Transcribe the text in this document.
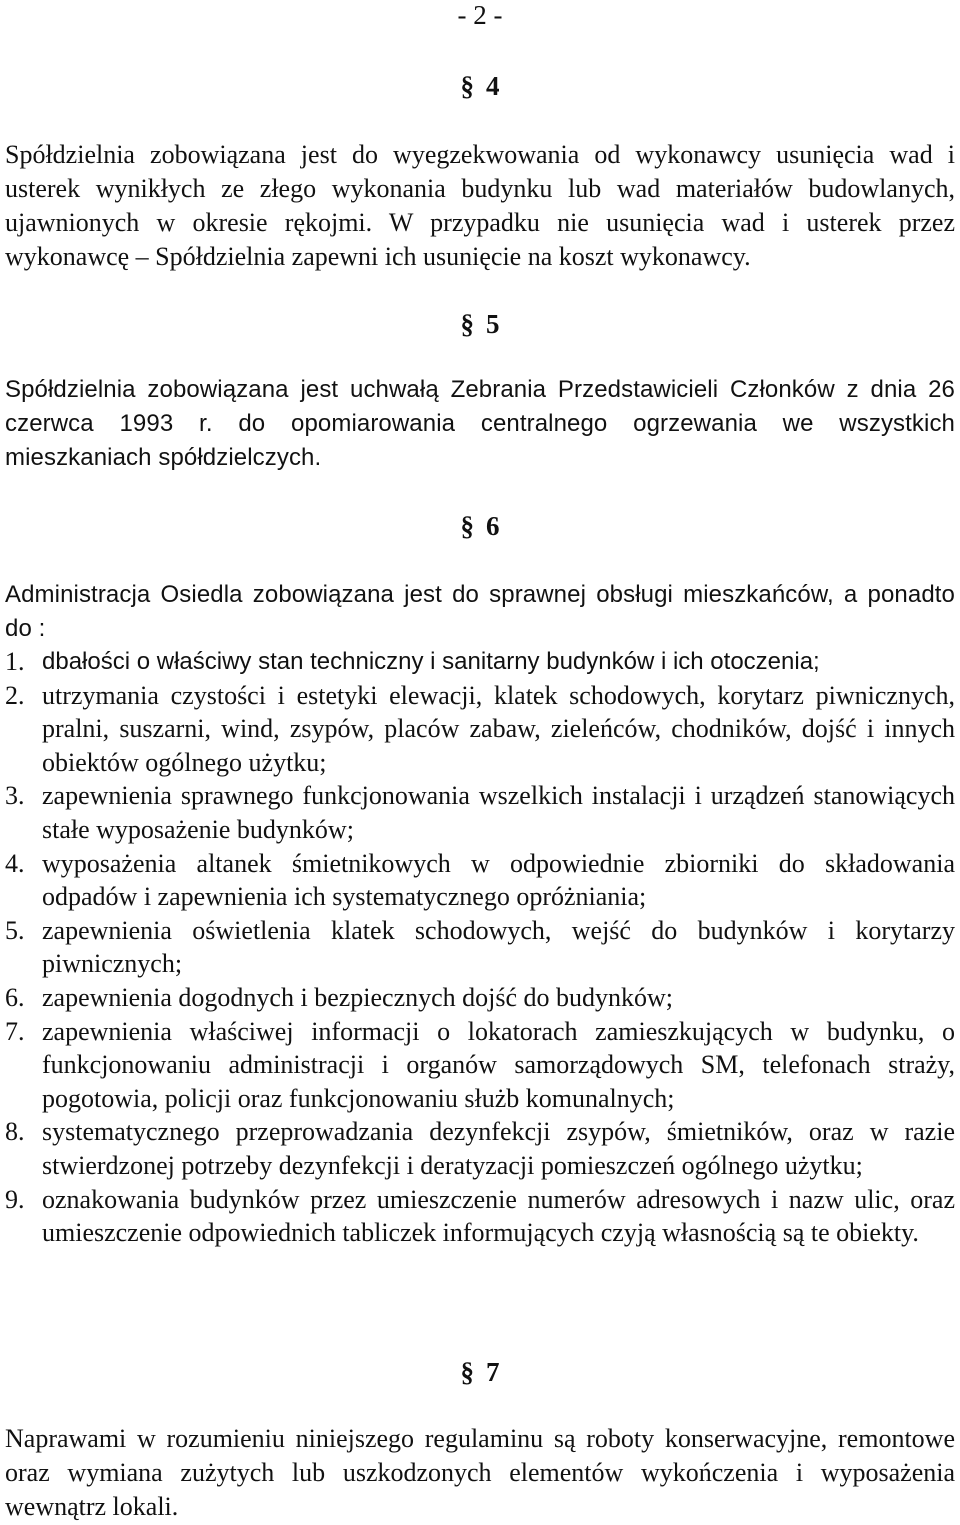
- 2 -
§ 4
Spółdzielnia zobowiązana jest do wyegzekwowania od wykonawcy usunięcia wad i usterek wynikłych ze złego wykonania budynku lub wad materiałów budowlanych, ujawnionych w okresie rękojmi. W przypadku nie usunięcia wad i usterek przez wykonawcę – Spółdzielnia zapewni ich usunięcie na koszt wykonawcy.
§ 5
Spółdzielnia zobowiązana jest uchwałą Zebrania Przedstawicieli Członków z dnia 26 czerwca 1993 r. do opomiarowania centralnego ogrzewania we wszystkich mieszkaniach spółdzielczych.
§ 6
Administracja Osiedla zobowiązana jest do sprawnej obsługi mieszkańców, a ponadto do :
1. dbałości o właściwy stan techniczny i sanitarny budynków i ich otoczenia;
2. utrzymania czystości i estetyki elewacji, klatek schodowych, korytarz piwnicznych, pralni, suszarni, wind, zsypów, placów zabaw, zieleńców, chodników, dojść i innych obiektów ogólnego użytku;
3. zapewnienia sprawnego funkcjonowania wszelkich instalacji i urządzeń stanowiących stałe wyposażenie budynków;
4. wyposażenia altanek śmietnikowych w odpowiednie zbiorniki do składowania odpadów i zapewnienia ich systematycznego opróżniania;
5. zapewnienia oświetlenia klatek schodowych, wejść do budynków i korytarzy piwnicznych;
6. zapewnienia dogodnych i bezpiecznych dojść do budynków;
7. zapewnienia właściwej informacji o lokatorach zamieszkujących w budynku, o funkcjonowaniu administracji i organów samorządowych SM, telefonach straży, pogotowia, policji oraz funkcjonowaniu służb komunalnych;
8. systematycznego przeprowadzania dezynfekcji zsypów, śmietników, oraz w razie stwierdzonej potrzeby dezynfekcji i deratyzacji pomieszczeń ogólnego użytku;
9. oznakowania budynków przez umieszczenie numerów adresowych i nazw ulic, oraz umieszczenie odpowiednich tabliczek informujących czyją własnością są te obiekty.
§ 7
Naprawami w rozumieniu niniejszego regulaminu są roboty konserwacyjne, remontowe oraz wymiana zużytych lub uszkodzonych elementów wykończenia i wyposażenia wewnątrz lokali.
